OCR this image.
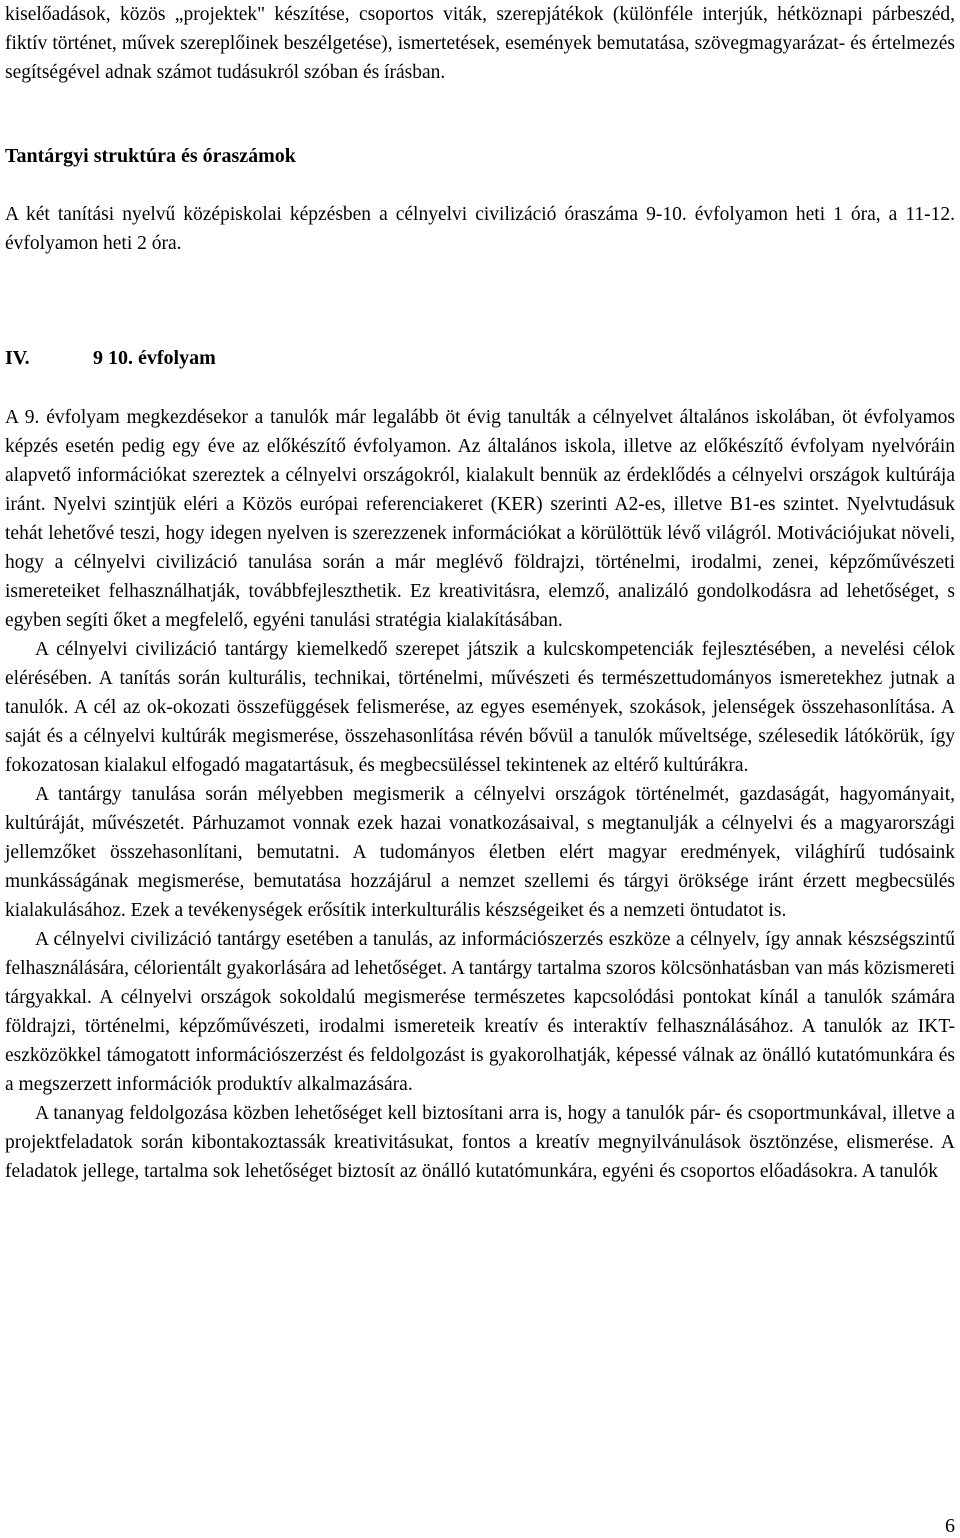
kiselőadások, közös „projektek" készítése, csoportos viták, szerepjátékok (különféle interjúk, hétköznapi párbeszéd, fiktív történet, művek szereplőinek beszélgetése), ismertetések, események bemutatása, szövegmagyarázat- és értelmezés segítségével adnak számot tudásukról szóban és írásban.

Tantárgyi struktúra és óraszámok

A két tanítási nyelvű középiskolai képzésben a célnyelvi civilizáció óraszáma 9-10. évfolyamon heti 1 óra, a 11-12. évfolyamon heti 2 óra.

IV.	9 10. évfolyam

A 9. évfolyam megkezdésekor a tanulók már legalább öt évig tanulták a célnyelvet általános iskolában, öt évfolyamos képzés esetén pedig egy éve az előkészítő évfolyamon. Az általános iskola, illetve az előkészítő évfolyam nyelvóráin alapvető információkat szereztek a célnyelvi országokról, kialakult bennük az érdeklődés a célnyelvi országok kultúrája iránt. Nyelvi szintjük eléri a Közös európai referenciakeret (KER) szerinti A2-es, illetve B1-es szintet. Nyelvtudásuk tehát lehetővé teszi, hogy idegen nyelven is szerezzenek információkat a körülöttük lévő világról. Motivációjukat növeli, hogy a célnyelvi civilizáció tanulása során a már meglévő földrajzi, történelmi, irodalmi, zenei, képzőművészeti ismereteiket felhasználhatják, továbbfejleszthetik. Ez kreativitásra, elemző, analizáló gondolkodásra ad lehetőséget, s egyben segíti őket a megfelelő, egyéni tanulási stratégia kialakításában.

A célnyelvi civilizáció tantárgy kiemelkedő szerepet játszik a kulcskompetenciák fejlesztésében, a nevelési célok elérésében. A tanítás során kulturális, technikai, történelmi, művészeti és természettudományos ismeretekhez jutnak a tanulók. A cél az ok-okozati összefüggések felismerése, az egyes események, szokások, jelenségek összehasonlítása. A saját és a célnyelvi kultúrák megismerése, összehasonlítása révén bővül a tanulók műveltsége, szélesedik látókörük, így fokozatosan kialakul elfogadó magatartásuk, és megbecsüléssel tekintenek az eltérő kultúrákra.

A tantárgy tanulása során mélyebben megismerik a célnyelvi országok történelmét, gazdaságát, hagyományait, kultúráját, művészetét. Párhuzamot vonnak ezek hazai vonatkozásaival, s megtanulják a célnyelvi és a magyarországi jellemzőket összehasonlítani, bemutatni. A tudományos életben elért magyar eredmények, világhírű tudósaink munkásságának megismerése, bemutatása hozzájárul a nemzet szellemi és tárgyi öröksége iránt érzett megbecsülés kialakulásához. Ezek a tevékenységek erősítik interkulturális készségeiket és a nemzeti öntudatot is.

A célnyelvi civilizáció tantárgy esetében a tanulás, az információszerzés eszköze a célnyelv, így annak készségszintű felhasználására, célorientált gyakorlására ad lehetőséget. A tantárgy tartalma szoros kölcsönhatásban van más közismereti tárgyakkal. A célnyelvi országok sokoldalú megismerése természetes kapcsolódási pontokat kínál a tanulók számára földrajzi, történelmi, képzőművészeti, irodalmi ismereteik kreatív és interaktív felhasználásához. A tanulók az IKT-eszközökkel támogatott információszerzést és feldolgozást is gyakorolhatják, képessé válnak az önálló kutatómunkára és a megszerzett információk produktív alkalmazására.

A tananyag feldolgozása közben lehetőséget kell biztosítani arra is, hogy a tanulók pár- és csoportmunkával, illetve a projektfeladatok során kibontakoztassák kreativitásukat, fontos a kreatív megnyilvánulások ösztönzése, elismerése. A feladatok jellege, tartalma sok lehetőséget biztosít az önálló kutatómunkára, egyéni és csoportos előadásokra. A tanulók

6
